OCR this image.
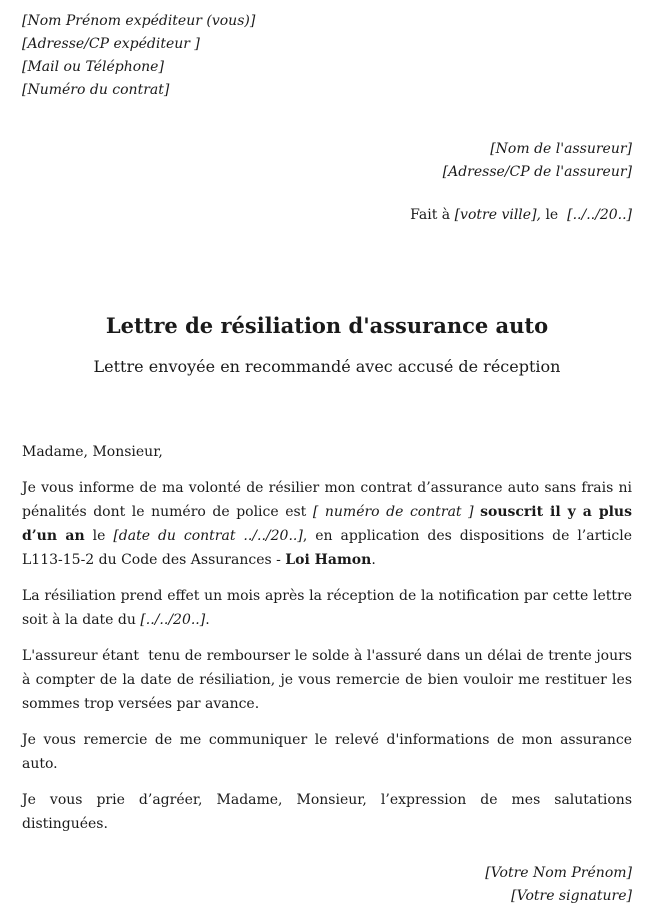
[Nom Prénom expéditeur (vous)]

[Adresse/CP expéditeur ]

[Mail ou Téléphone]

[Numéro du contrat]

[Nom de l'assureur]

[Adresse/CP de l'assureur]

Fait à [votre ville], le  [../../20..]

Lettre de résiliation d'assurance auto

Lettre envoyée en recommandé avec accusé de réception

Madame, Monsieur,

Je vous informe de ma volonté de résilier mon contrat d’assurance auto sans frais ni pénalités dont le numéro de police est [ numéro de contrat ] souscrit il y a plus d’un an le [date du contrat ../../20..], en application des dispositions de l’article L113-15-2 du Code des Assurances - Loi Hamon.

La résiliation prend effet un mois après la réception de la notification par cette lettre soit à la date du [../../20..].

L'assureur étant  tenu de rembourser le solde à l'assuré dans un délai de trente jours à compter de la date de résiliation, je vous remercie de bien vouloir me restituer les sommes trop versées par avance.

Je vous remercie de me communiquer le relevé d'informations de mon assurance auto.

Je vous prie d’agréer, Madame, Monsieur, l’expression de mes salutations distinguées.

[Votre Nom Prénom]

[Votre signature]
